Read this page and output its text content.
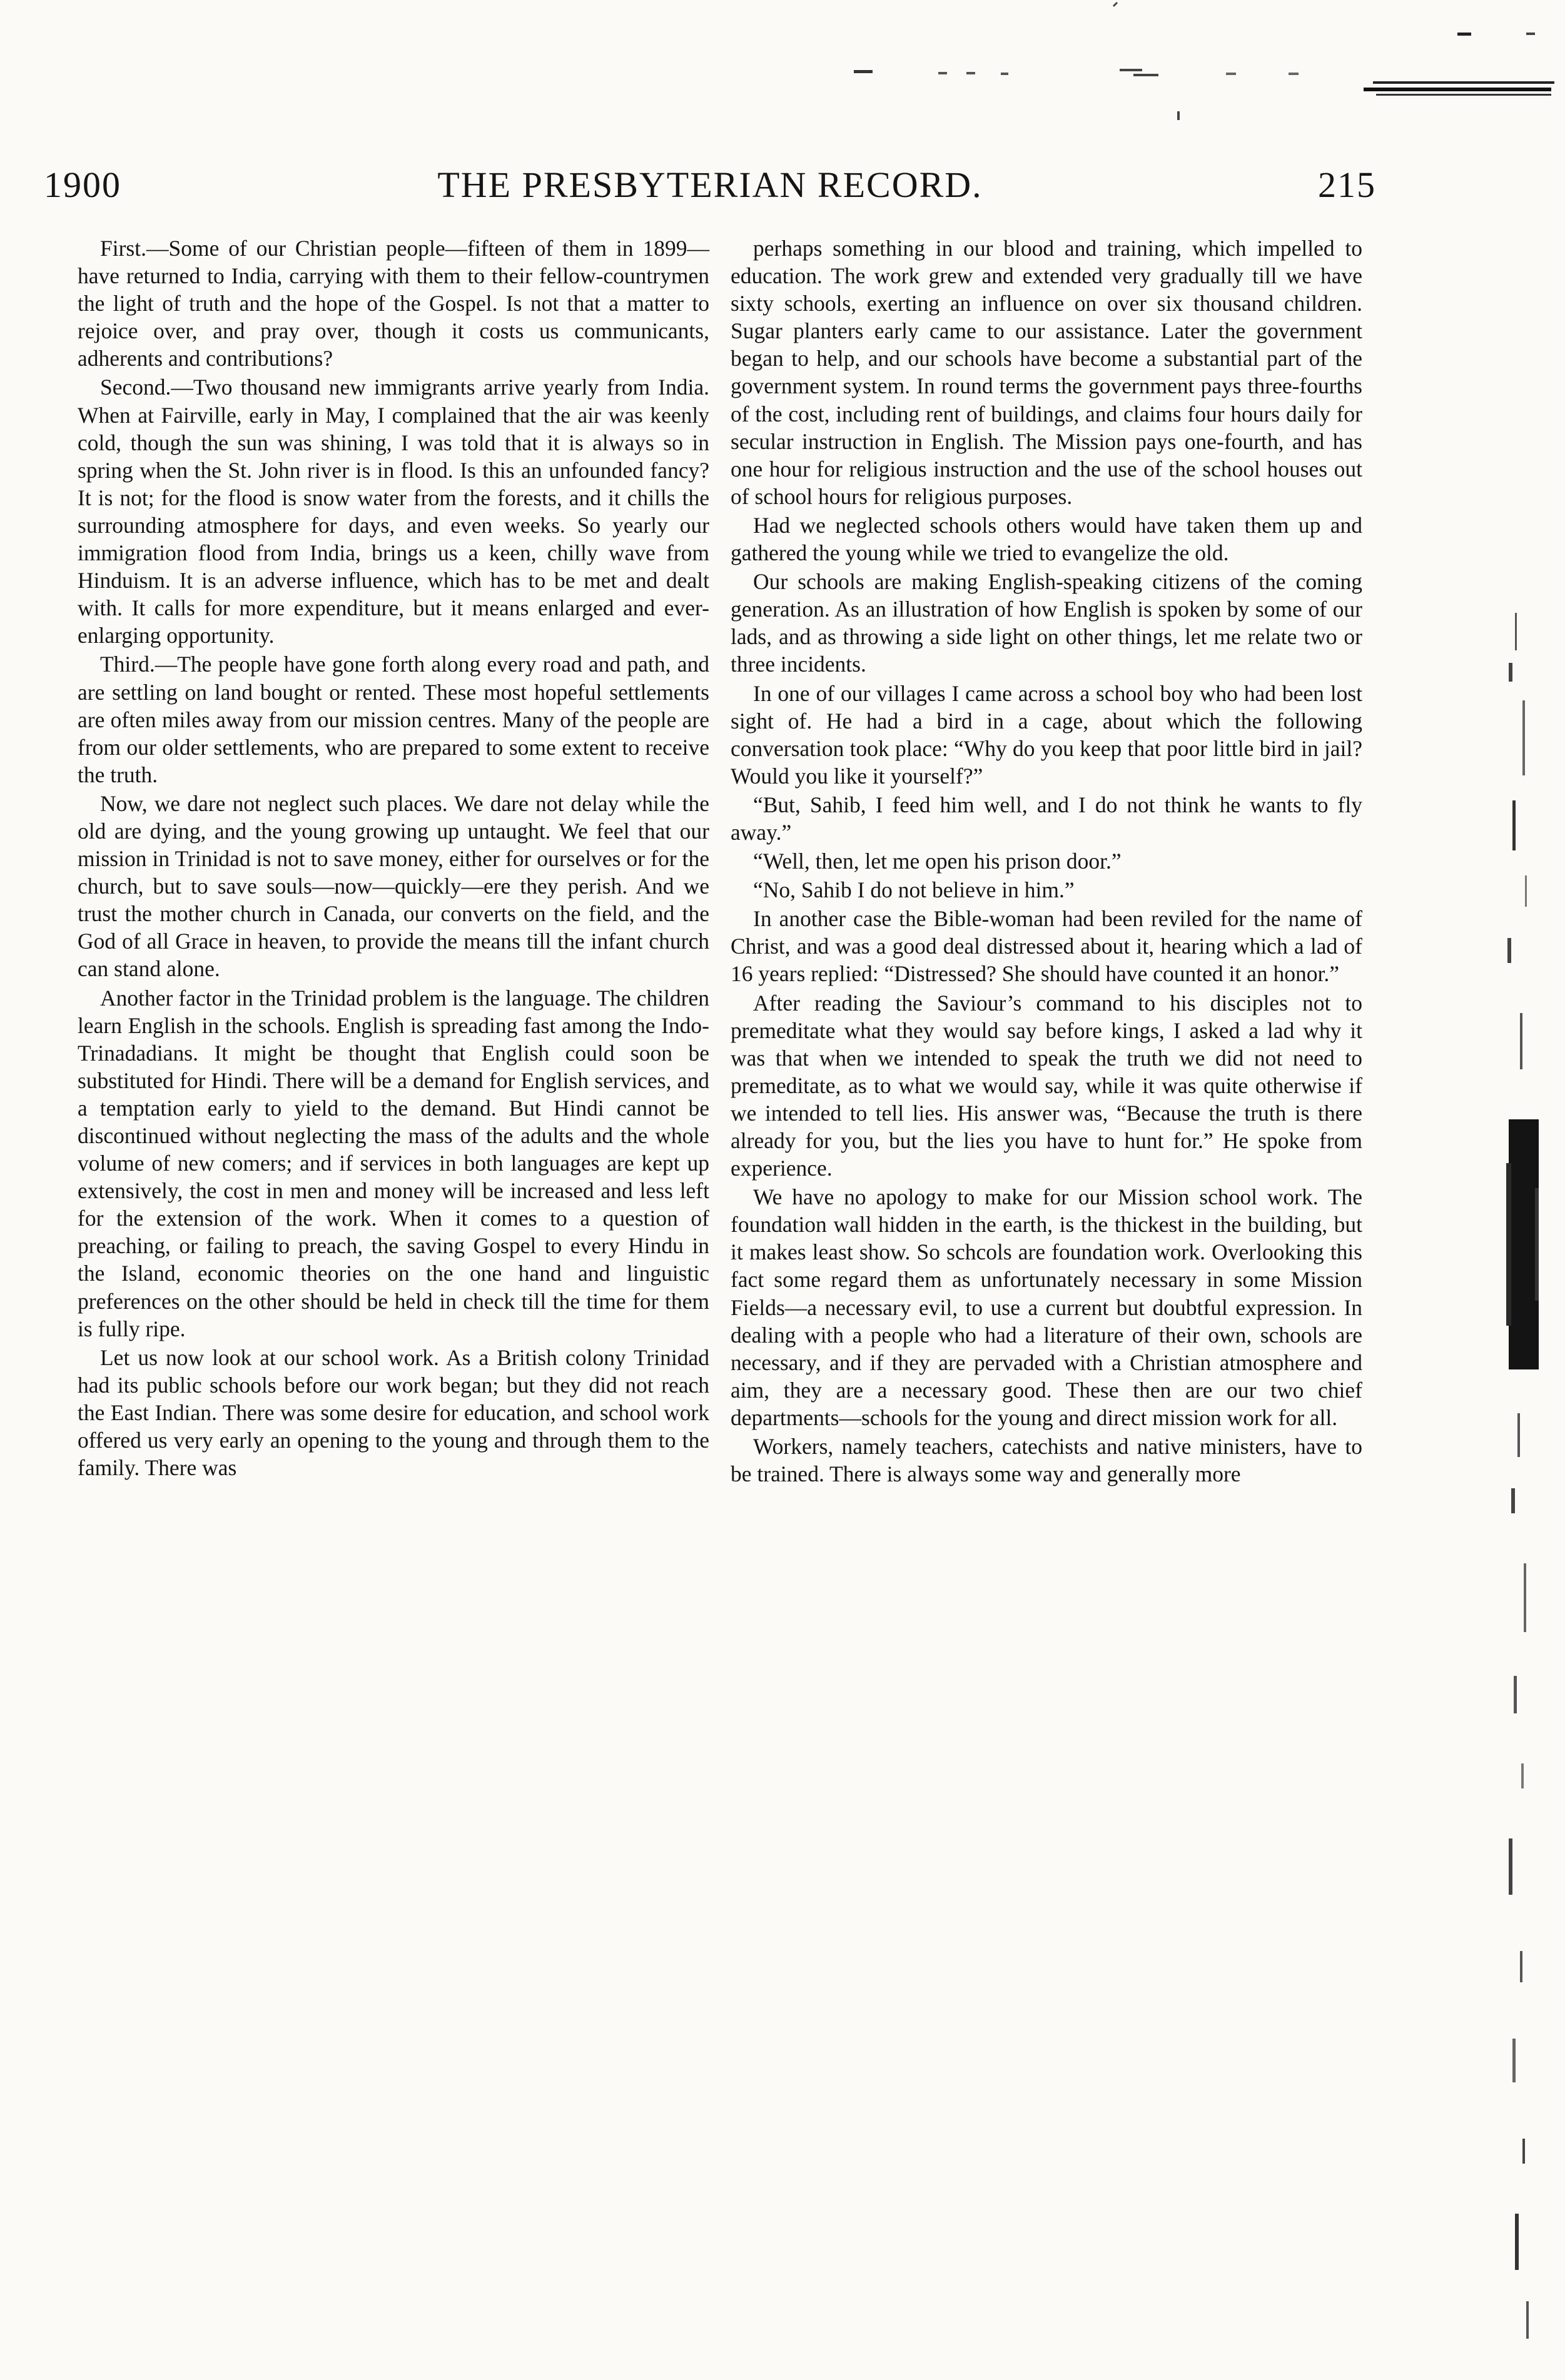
THE PRESBYTERIAN RECORD.
1900	215

First.—Some of our Christian people—fifteen of them in 1899—have returned to India, carrying with them to their fellow-countrymen the light of truth and the hope of the Gospel. Is not that a matter to rejoice over, and pray over, though it costs us communicants, adherents and contributions?

Second.—Two thousand new immigrants arrive yearly from India. When at Fairville, early in May, I complained that the air was keenly cold, though the sun was shining, I was told that it is always so in spring when the St. John river is in flood. Is this an unfounded fancy? It is not; for the flood is snow water from the forests, and it chills the surrounding atmosphere for days, and even weeks. So yearly our immigration flood from India, brings us a keen, chilly wave from Hinduism. It is an adverse influence, which has to be met and dealt with. It calls for more expenditure, but it means enlarged and ever-enlarging opportunity.

Third.—The people have gone forth along every road and path, and are settling on land bought or rented. These most hopeful settlements are often miles away from our mission centres. Many of the people are from our older settlements, who are prepared to some extent to receive the truth.

Now, we dare not neglect such places. We dare not delay while the old are dying, and the young growing up untaught. We feel that our mission in Trinidad is not to save money, either for ourselves or for the church, but to save souls—now—quickly—ere they perish. And we trust the mother church in Canada, our converts on the field, and the God of all Grace in heaven, to provide the means till the infant church can stand alone.

Another factor in the Trinidad problem is the language. The children learn English in the schools. English is spreading fast among the Indo-Trinadadians. It might be thought that English could soon be substituted for Hindi. There will be a demand for English services, and a temptation early to yield to the demand. But Hindi cannot be discontinued without neglecting the mass of the adults and the whole volume of new comers; and if services in both languages are kept up extensively, the cost in men and money will be increased and less left for the extension of the work. When it comes to a question of preaching, or failing to preach, the saving Gospel to every Hindu in the Island, economic theories on the one hand and linguistic preferences on the other should be held in check till the time for them is fully ripe.

Let us now look at our school work. As a British colony Trinidad had its public schools before our work began; but they did not reach the East Indian. There was some desire for education, and school work offered us very early an opening to the young and through them to the family. There was

perhaps something in our blood and training, which impelled to education. The work grew and extended very gradually till we have sixty schools, exerting an influence on over six thousand children. Sugar planters early came to our assistance. Later the government began to help, and our schools have become a substantial part of the government system. In round terms the government pays three-fourths of the cost, including rent of buildings, and claims four hours daily for secular instruction in English. The Mission pays one-fourth, and has one hour for religious instruction and the use of the school houses out of school hours for religious purposes.

Had we neglected schools others would have taken them up and gathered the young while we tried to evangelize the old.

Our schools are making English-speaking citizens of the coming generation. As an illustration of how English is spoken by some of our lads, and as throwing a side light on other things, let me relate two or three incidents.

In one of our villages I came across a school boy who had been lost sight of. He had a bird in a cage, about which the following conversation took place: “Why do you keep that poor little bird in jail? Would you like it yourself?”

“But, Sahib, I feed him well, and I do not think he wants to fly away.”

“Well, then, let me open his prison door.”

“No, Sahib I do not believe in him.”

In another case the Bible-woman had been reviled for the name of Christ, and was a good deal distressed about it, hearing which a lad of 16 years replied: “Distressed? She should have counted it an honor.”

After reading the Saviour’s command to his disciples not to premeditate what they would say before kings, I asked a lad why it was that when we intended to speak the truth we did not need to premeditate, as to what we would say, while it was quite otherwise if we intended to tell lies. His answer was, “Because the truth is there already for you, but the lies you have to hunt for.” He spoke from experience.

We have no apology to make for our Mission school work. The foundation wall hidden in the earth, is the thickest in the building, but it makes least show. So schcols are foundation work. Overlooking this fact some regard them as unfortunately necessary in some Mission Fields—a necessary evil, to use a current but doubtful expression. In dealing with a people who had a literature of their own, schools are necessary, and if they are pervaded with a Christian atmosphere and aim, they are a necessary good. These then are our two chief departments—schools for the young and direct mission work for all.

Workers, namely teachers, catechists and native ministers, have to be trained. There is always some way and generally more
